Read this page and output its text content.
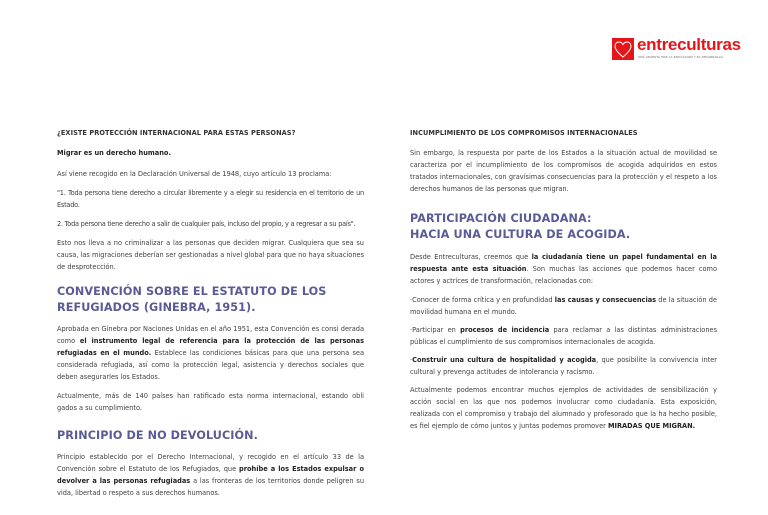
entreculturas
UNA APUESTA POR LA EDUCACIÓN Y EL DESARROLLO
¿EXISTE PROTECCIÓN INTERNACIONAL PARA ESTAS PERSONAS?

Migrar es un derecho humano.

Así viene recogido en la Declaración Universal de 1948, cuyo artículo 13 proclama:

"1. Toda persona tiene derecho a circular libremente y a elegir su residencia en el territorio de un Estado.

2. Toda persona tiene derecho a salir de cualquier país, incluso del propio, y a regresar a su país".

Esto nos lleva a no criminalizar a las personas que deciden migrar. Cualquiera que sea su causa, las migraciones deberían ser gestionadas a nivel global para que no haya situaciones de desprotección.

CONVENCIÓN SOBRE EL ESTATUTO DE LOS REFUGIADOS (GINEBRA, 1951).

Aprobada en Ginebra por Naciones Unidas en el año 1951, esta Convención es consi derada como el instrumento legal de referencia para la protección de las personas refugiadas en el mundo. Establece las condiciones básicas para que una persona sea considerada refugiada, así como la protección legal, asistencia y derechos sociales que deben asegurarles los Estados.

Actualmente, más de 140 países han ratificado esta norma internacional, estando obli gados a su cumplimiento.

PRINCIPIO DE NO DEVOLUCIÓN.

Principio establecido por el Derecho Internacional, y recogido en el artículo 33 de la Convención sobre el Estatuto de los Refugiados, que prohíbe a los Estados expulsar o devolver a las personas refugiadas a las fronteras de los territorios donde peligren su vida, libertad o respeto a sus derechos humanos.

INCUMPLIMIENTO DE LOS COMPROMISOS INTERNACIONALES

Sin embargo, la respuesta por parte de los Estados a la situación actual de movilidad se caracteriza por el incumplimiento de los compromisos de acogida adquiridos en estos tratados internacionales, con gravísimas consecuencias para la protección y el respeto a los derechos humanos de las personas que migran.

PARTICIPACIÓN CIUDADANA:
HACIA UNA CULTURA DE ACOGIDA.

Desde Entreculturas, creemos que la ciudadanía tiene un papel fundamental en la respuesta ante esta situación. Son muchas las acciones que podemos hacer como actores y actrices de transformación, relacionadas con:

·Conocer de forma crítica y en profundidad las causas y consecuencias de la situación de movilidad humana en el mundo.

·Participar en procesos de incidencia para reclamar a las distintas administraciones públicas el cumplimiento de sus compromisos internacionales de acogida.

·Construir una cultura de hospitalidad y acogida, que posibilite la convivencia inter cultural y prevenga actitudes de intolerancia y racismo.

Actualmente podemos encontrar muchos ejemplos de actividades de sensibilización y acción social en las que nos podemos involucrar como ciudadanía. Esta exposición, realizada con el compromiso y trabajo del alumnado y profesorado que la ha hecho posible, es fiel ejemplo de cómo juntos y juntas podemos promover MIRADAS QUE MIGRAN.
